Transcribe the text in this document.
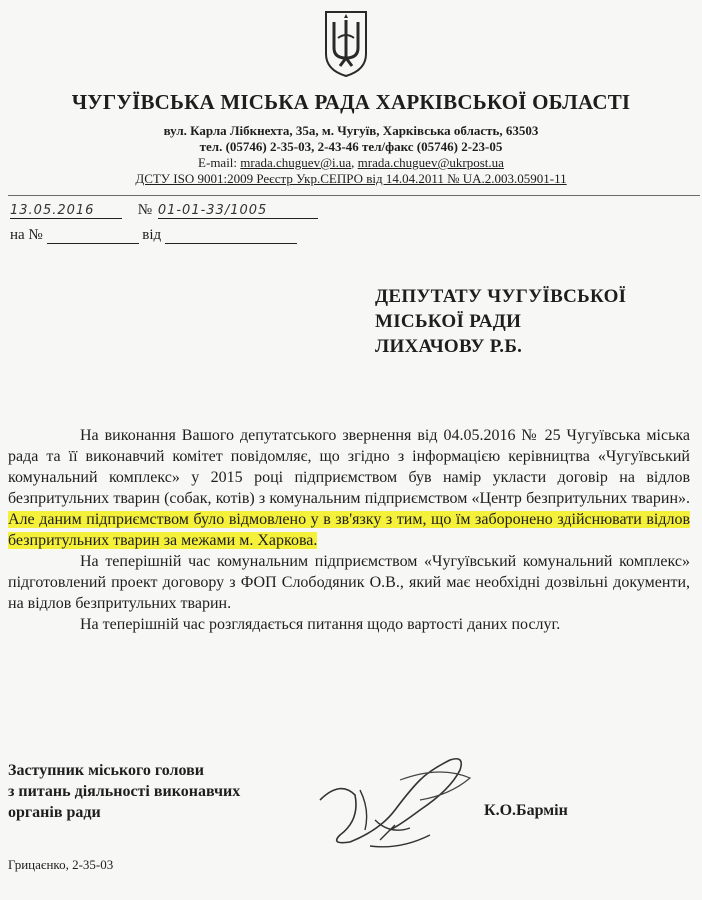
ЧУГУЇВСЬКА МІСЬКА РАДА ХАРКІВСЬКОЇ ОБЛАСТІ
вул. Карла Лібкнехта, 35а, м. Чугуїв, Харківська область, 63503
тел. (05746) 2-35-03, 2-43-46 тел/факс (05746) 2-23-05
E-mail: mrada.chuguev@i.ua, mrada.chuguev@ukrpost.ua
ДСТУ ISO 9001:2009 Реєстр Укр.СЕПРО від 14.04.2011 № UA.2.003.05901-11
13.05.2016	№ 01-01-33/1005
на №	від
ДЕПУТАТУ ЧУГУЇВСЬКОЇ
МІСЬКОЇ РАДИ
ЛИХАЧОВУ Р.Б.

На виконання Вашого депутатського звернення від 04.05.2016 № 25 Чугуївська міська рада та її виконавчий комітет повідомляє, що згідно з інформацією керівництва «Чугуївський комунальний комплекс» у 2015 році підприємством був намір укласти договір на відлов безпритульних тварин (собак, котів) з комунальним підприємством «Центр безпритульних тварин». Але даним підприємством було відмовлено у в зв'язку з тим, що їм заборонено здійснювати відлов безпритульних тварин за межами м. Харкова.

На теперішній час комунальним підприємством «Чугуївський комунальний комплекс» підготовлений проект договору з ФОП Слободяник О.В., який має необхідні дозвільні документи, на відлов безпритульних тварин.

На теперішній час розглядається питання щодо вартості даних послуг.

Заступник міського голови
з питань діяльності виконавчих
органів ради	К.О.Бармін
Грицаєнко, 2-35-03
